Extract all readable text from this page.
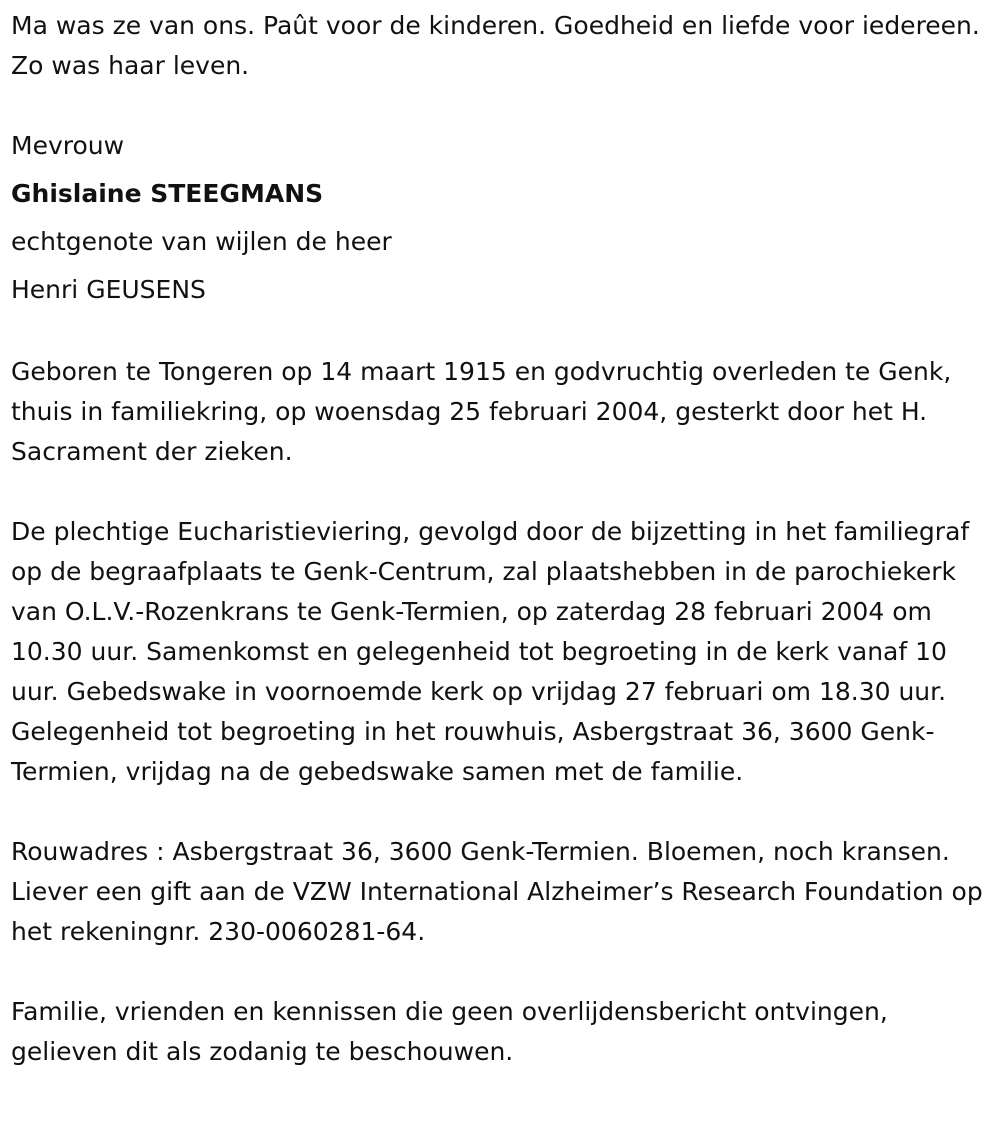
Ma was ze van ons. Paût voor de kinderen. Goedheid en liefde voor iedereen. Zo was haar leven.

Mevrouw

Ghislaine STEEGMANS

echtgenote van wijlen de heer

Henri GEUSENS

Geboren te Tongeren op 14 maart 1915 en godvruchtig overleden te Genk, thuis in familiekring, op woensdag 25 februari 2004, gesterkt door het H. Sacrament der zieken.

De plechtige Eucharistieviering, gevolgd door de bijzetting in het familiegraf op de begraafplaats te Genk-Centrum, zal plaatshebben in de parochiekerk van O.L.V.-Rozenkrans te Genk-Termien, op zaterdag 28 februari 2004 om 10.30 uur. Samenkomst en gelegenheid tot begroeting in de kerk vanaf 10 uur. Gebedswake in voornoemde kerk op vrijdag 27 februari om 18.30 uur. Gelegenheid tot begroeting in het rouwhuis, Asbergstraat 36, 3600 Genk-Termien, vrijdag na de gebedswake samen met de familie.

Rouwadres : Asbergstraat 36, 3600 Genk-Termien. Bloemen, noch kransen. Liever een gift aan de VZW International Alzheimer’s Research Foundation op het rekeningnr. 230-0060281-64.

Familie, vrienden en kennissen die geen overlijdensbericht ontvingen, gelieven dit als zodanig te beschouwen.
